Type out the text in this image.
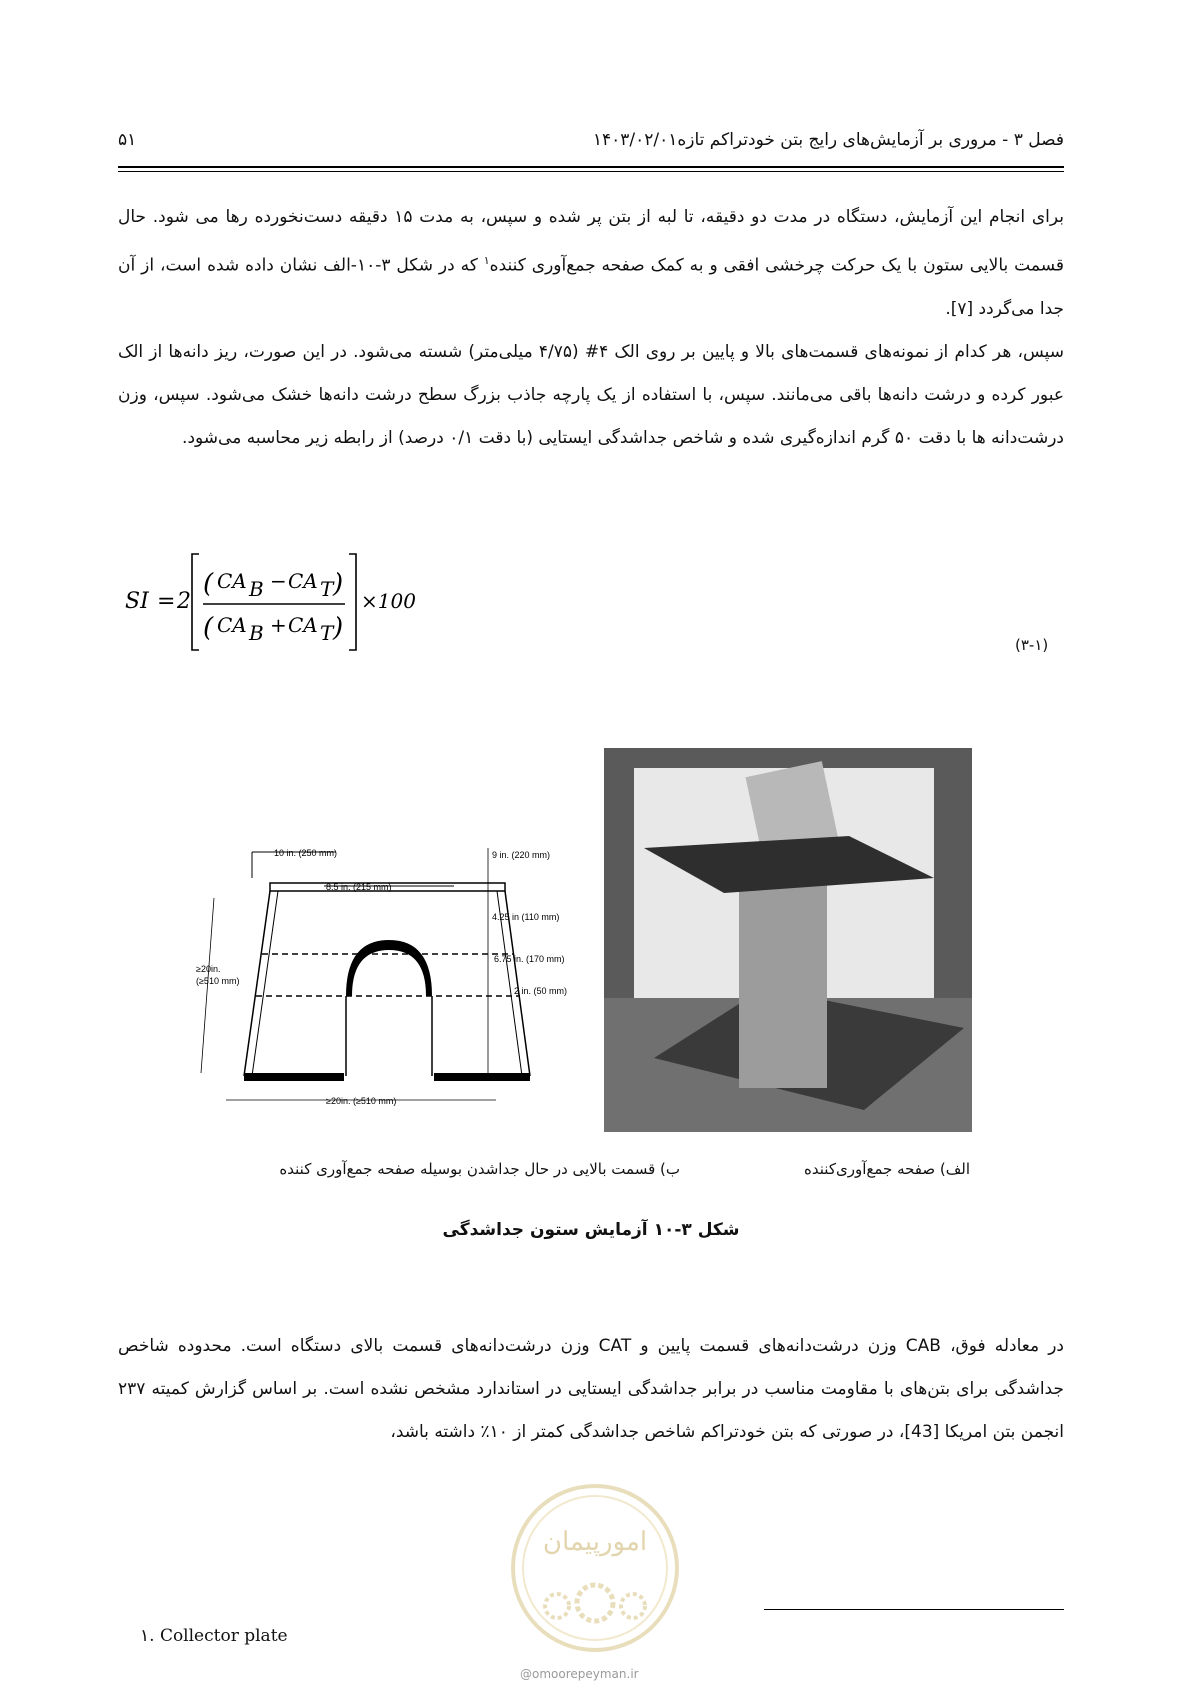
فصل ۳ - مروری بر آزمایش‌های رایج بتن خودتراکم تازه۱۴۰۳/۰۲/۰۱
۵۱

برای انجام این آزمایش، دستگاه در مدت دو دقیقه، تا لبه از بتن پر شده و سپس، به مدت ۱۵ دقیقه دست‌نخورده رها می شود. حال قسمت بالایی ستون با یک حرکت چرخشی افقی و به کمک صفحه جمع‌آوری کننده$^۱$ که در شکل ۳-۱۰-الف نشان داده شده است، از آن جدا می‌گردد [۷].

سپس، هر کدام از نمونه‌های قسمت‌های بالا و پایین بر روی الک ۴# (۴/۷۵ میلی‌متر) شسته می‌شود. در این صورت، ریز دانه‌ها از الک عبور کرده و درشت دانه‌ها باقی می‌مانند. سپس، با استفاده از یک پارچه جاذب بزرگ سطح درشت دانه‌ها خشک می‌شود. سپس، وزن درشت‌دانه ها با دقت ۵۰ گرم اندازه‌گیری شده و شاخص جداشدگی ایستایی (با دقت ۰/۱ درصد) از رابطه زیر محاسبه می‌شود.

SI = 2
( CA B − CA T )
( CA B + CA T )
×100
(۳-۱)
10 in. (250 mm)
8.5 in. (215 mm)
9 in. (220 mm)
4.25 in (110 mm)
6.75 in. (170 mm)
2 in. (50 mm)
≥20in.
(≥510 mm)
≥20in. (≥510 mm)
الف) صفحه جمع‌آوری‌کننده
ب) قسمت بالایی در حال جداشدن بوسیله صفحه جمع‌آوری کننده
شکل ۳-۱۰ آزمایش ستون جداشدگی

در معادله فوق، CAB وزن درشت‌دانه‌های قسمت پایین و CAT وزن درشت‌دانه‌های قسمت بالای دستگاه است. محدوده شاخص جداشدگی برای بتن‌های با مقاومت مناسب در برابر جداشدگی ایستایی در استاندارد مشخص نشده است. بر اساس گزارش کمیته ۲۳۷ انجمن بتن امریکا [43]، در صورتی که بتن خودتراکم شاخص جداشدگی کمتر از ۱۰٪ داشته باشد،

امورپیمان
@omoorepeyman.ir
۱. Collector plate
